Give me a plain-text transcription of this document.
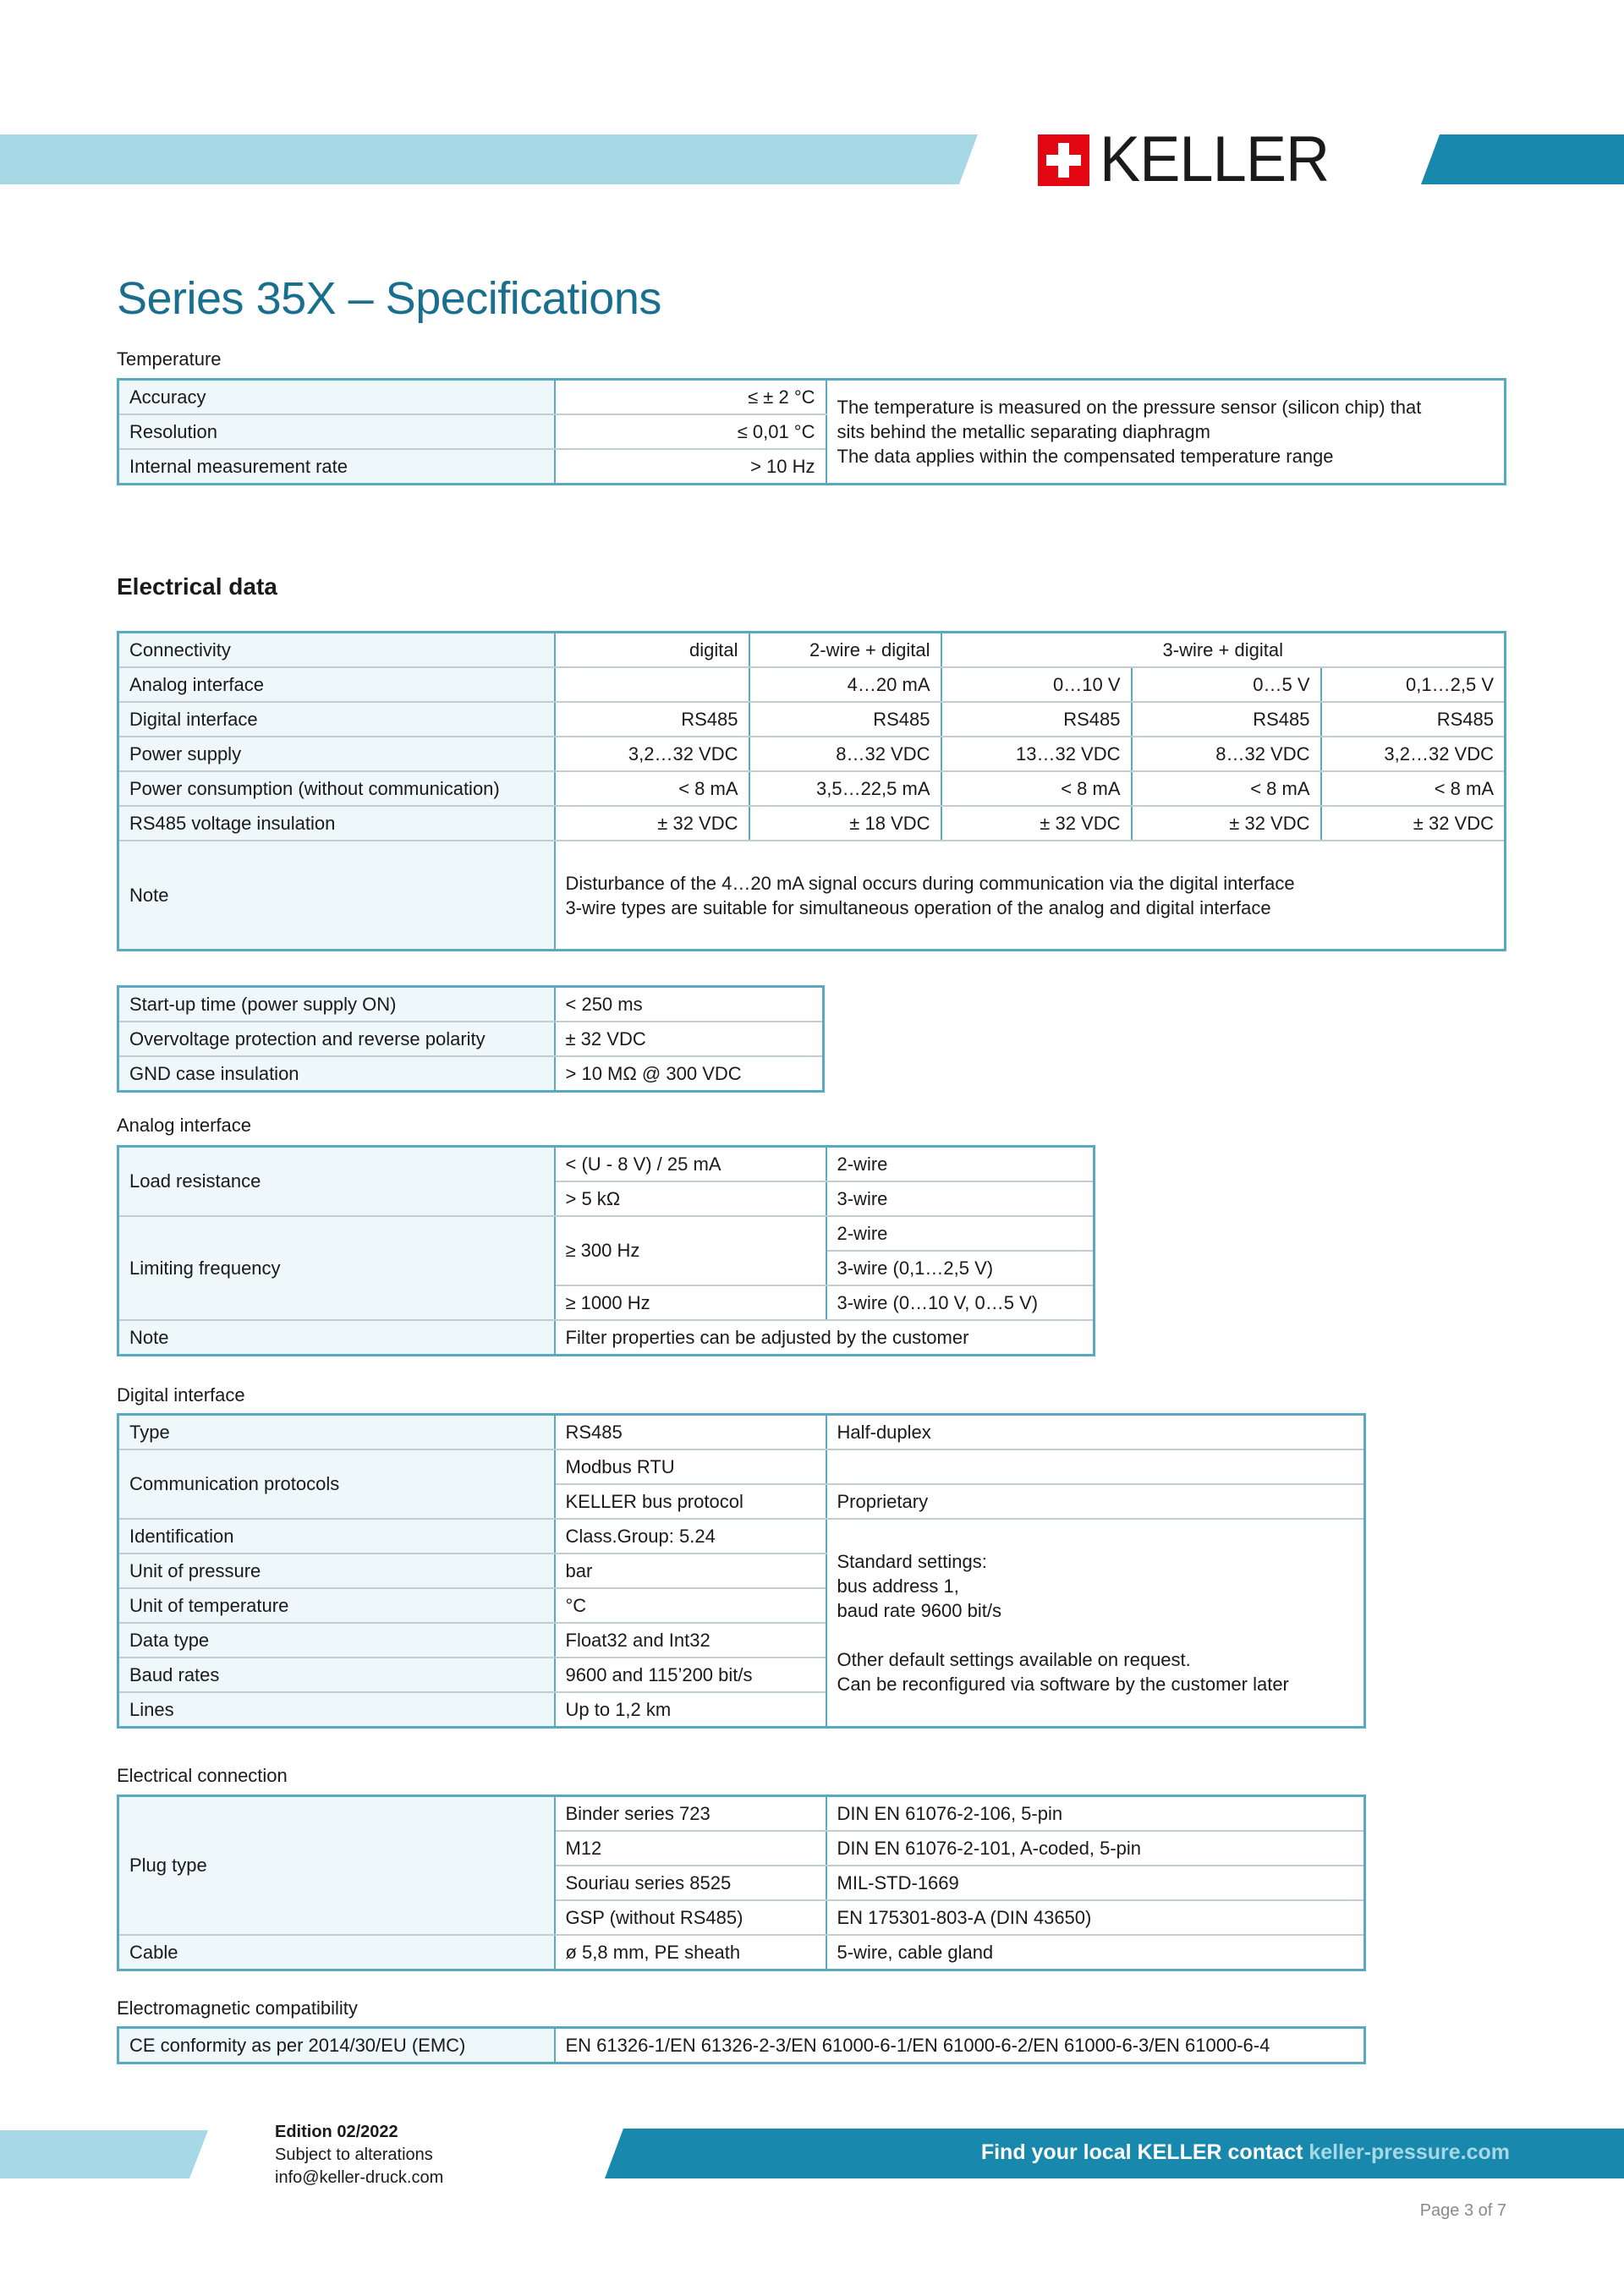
KELLER
Series 35X – Specifications
Temperature
Accuracy	≤ ± 2 °C	The temperature is measured on the pressure sensor (silicon chip) that
sits behind the metallic separating diaphragm
The data applies within the compensated temperature range

Resolution	≤ 0,01 °C	
Internal measurement rate	> 10 Hz	
Electrical data
Connectivity	digital	2-wire + digital	3-wire + digital		
Analog interface		4…20 mA	0…10 V	0…5 V	0,1…2,5 V
Digital interface	RS485	RS485	RS485	RS485	RS485
Power supply	3,2…32 VDC	8…32 VDC	13…32 VDC	8…32 VDC	3,2…32 VDC
Power consumption (without communication)	< 8 mA	3,5…22,5 mA	< 8 mA	< 8 mA	< 8 mA
RS485 voltage insulation	± 32 VDC	± 18 VDC	± 32 VDC	± 32 VDC	± 32 VDC
Note	Disturbance of the 4…20 mA signal occurs during communication via the digital interface
3-wire types are suitable for simultaneous operation of the analog and digital interface				
Start-up time (power supply ON)	< 250 ms
Overvoltage protection and reverse polarity	± 32 VDC
GND case insulation	> 10 MΩ @ 300 VDC
Analog interface
Load resistance	< (U - 8 V) / 25 mA	2-wire
	> 5 kΩ	3-wire
Limiting frequency	≥ 300 Hz	2-wire
		3-wire (0,1…2,5 V)
	≥ 1000 Hz	3-wire (0…10 V, 0…5 V)
Note	Filter properties can be adjusted by the customer	
Digital interface
Type	RS485	Half-duplex
Communication protocols	Modbus RTU	
	KELLER bus protocol	Proprietary
Identification	Class.Group: 5.24	Standard settings:
bus address 1,
baud rate 9600 bit/s
Other default settings available on request.
Can be reconfigured via software by the customer later

Unit of pressure	bar	
Unit of temperature	°C	
Data type	Float32 and Int32	
Baud rates	9600 and 115’200 bit/s	
Lines	Up to 1,2 km	
Electrical connection
Plug type	Binder series 723	DIN EN 61076-2-106, 5-pin
	M12	DIN EN 61076-2-101, A-coded, 5-pin
	Souriau series 8525	MIL-STD-1669
	GSP (without RS485)	EN 175301-803-A (DIN 43650)
Cable	ø 5,8 mm, PE sheath	5-wire, cable gland
Electromagnetic compatibility
CE conformity as per 2014/30/EU (EMC)	EN 61326-1/EN 61326-2-3/EN 61000-6-1/EN 61000-6-2/EN 61000-6-3/EN 61000-6-4
Edition 02/2022
Subject to alterations
info@keller-druck.com
Find your local KELLER contact keller-pressure.com
Page 3 of 7
